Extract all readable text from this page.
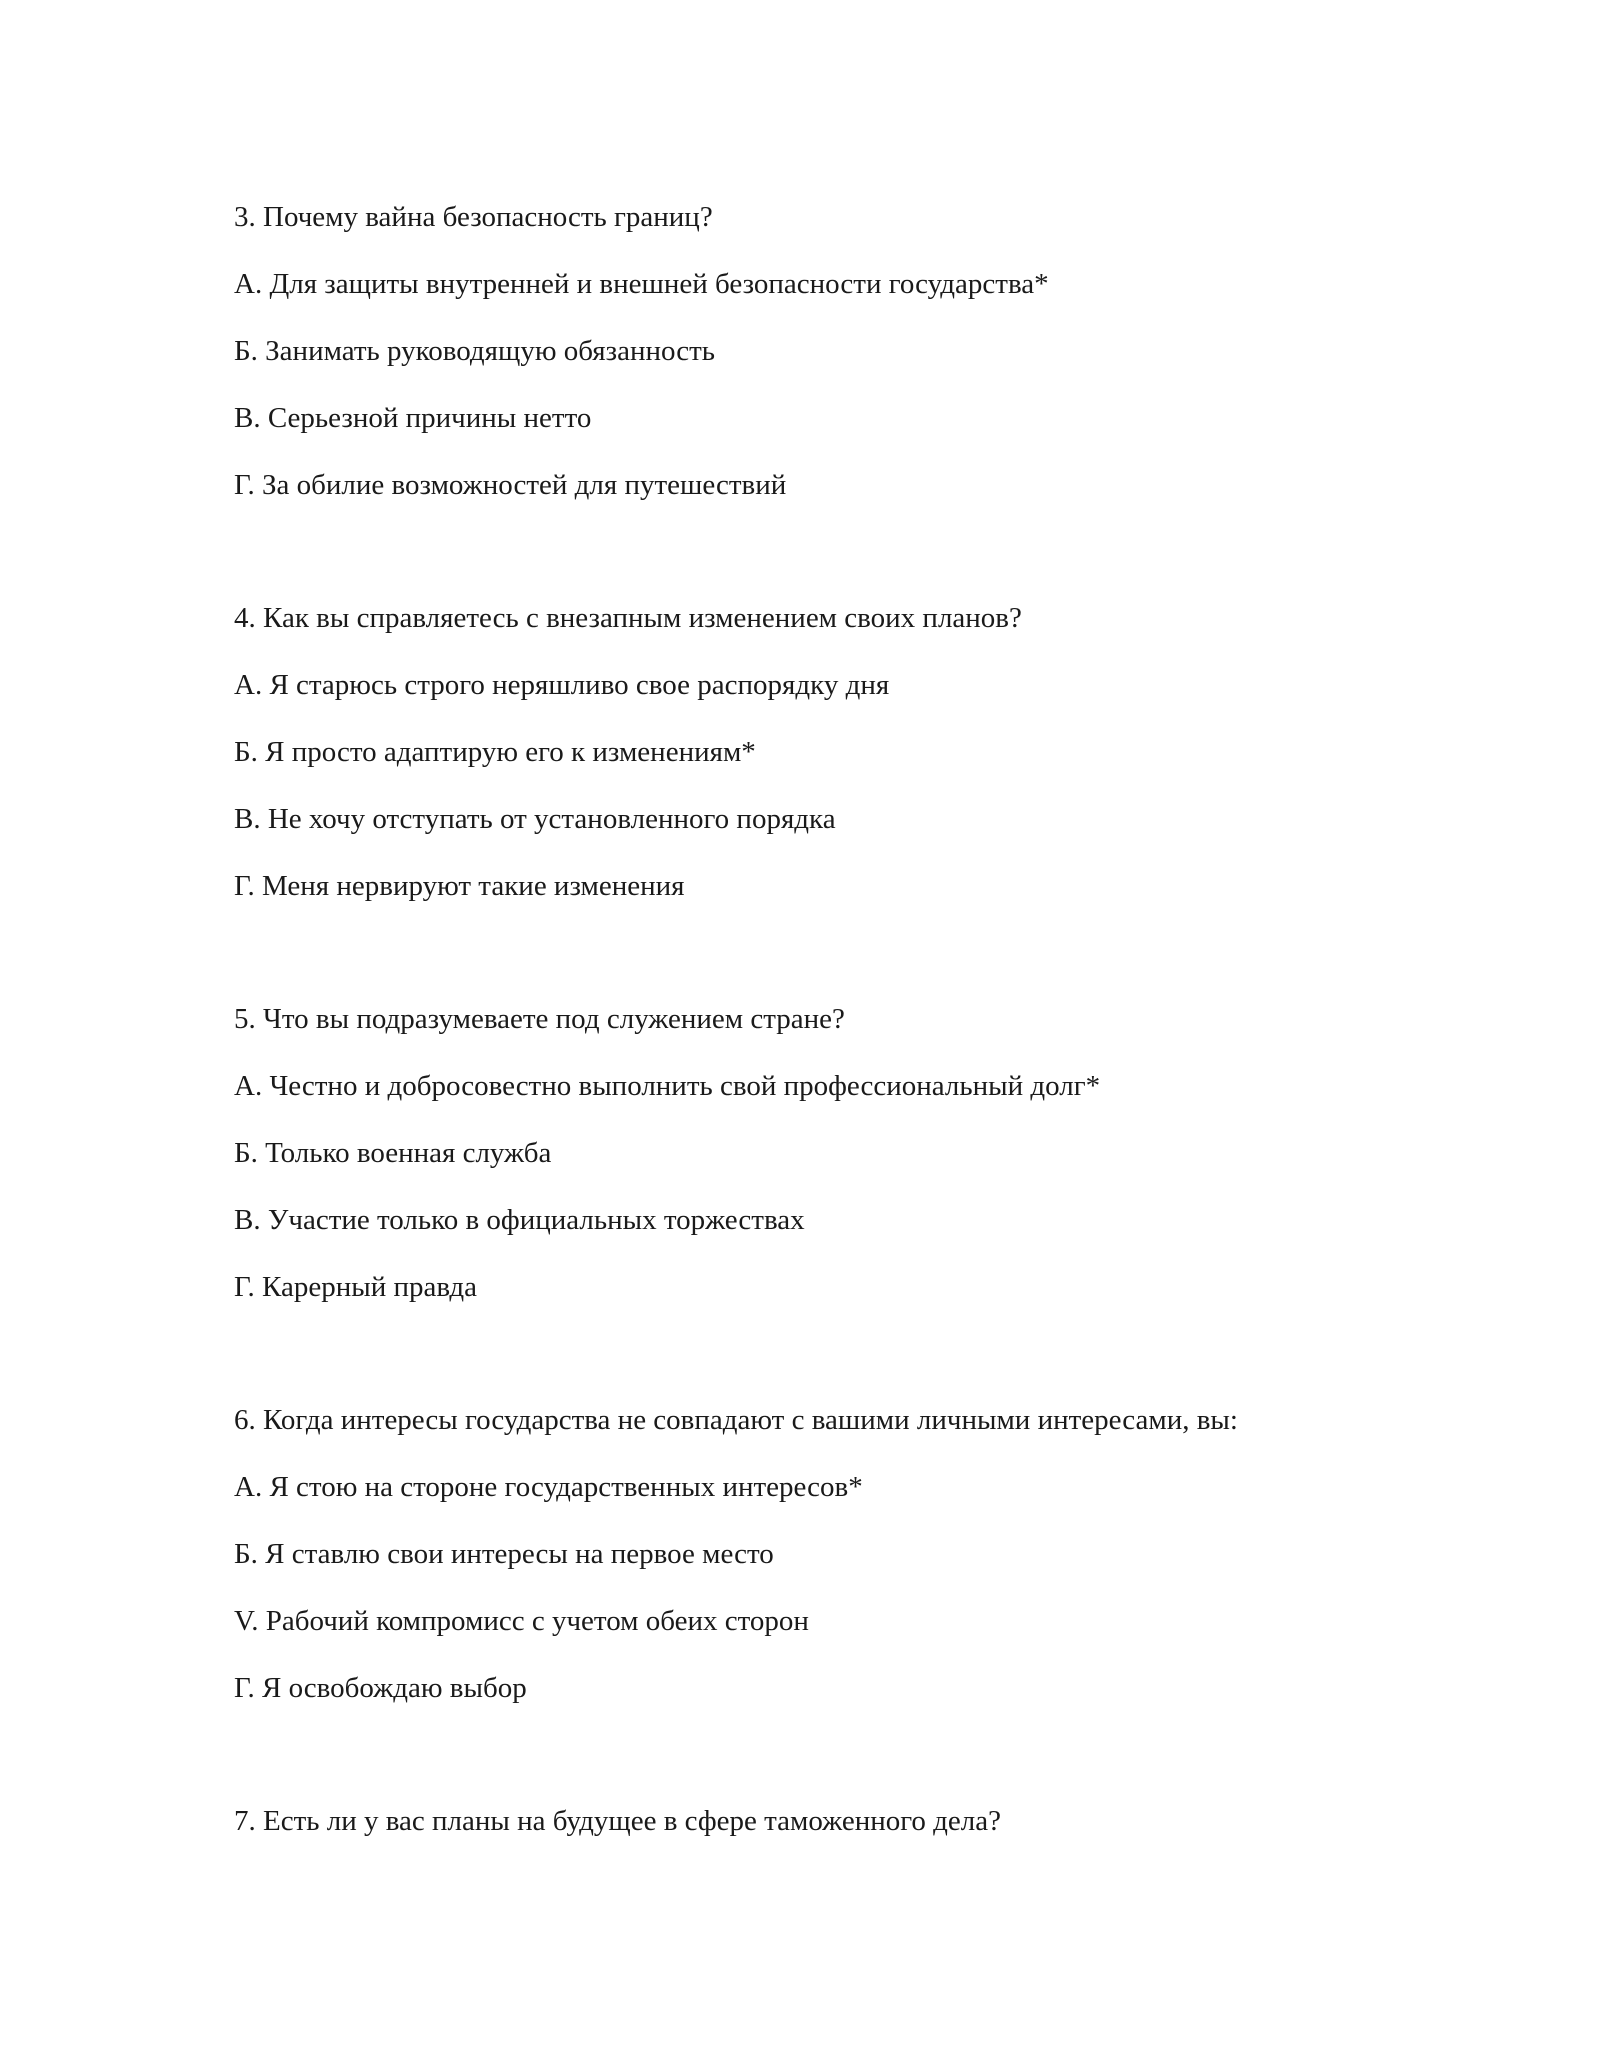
3. Почему вайна безопасность границ?

А. Для защиты внутренней и внешней безопасности государства*

Б. Занимать руководящую обязанность

В. Серьезной причины нетто

Г. За обилие возможностей для путешествий

4. Как вы справляетесь с внезапным изменением своих планов?

А. Я старюсь строго неряшливо свое распорядку дня

Б. Я просто адаптирую его к изменениям*

В. Не хочу отступать от установленного порядка

Г. Меня нервируют такие изменения

5. Что вы подразумеваете под служением стране?

А. Честно и добросовестно выполнить свой профессиональный долг*

Б. Только военная служба

В. Участие только в официальных торжествах

Г. Карерный правда

6. Когда интересы государства не совпадают с вашими личными интересами, вы:

А. Я стою на стороне государственных интересов*

Б. Я ставлю свои интересы на первое место

V. Рабочий компромисс с учетом обеих сторон

Г. Я освобождаю выбор

7. Есть ли у вас планы на будущее в сфере таможенного дела?
